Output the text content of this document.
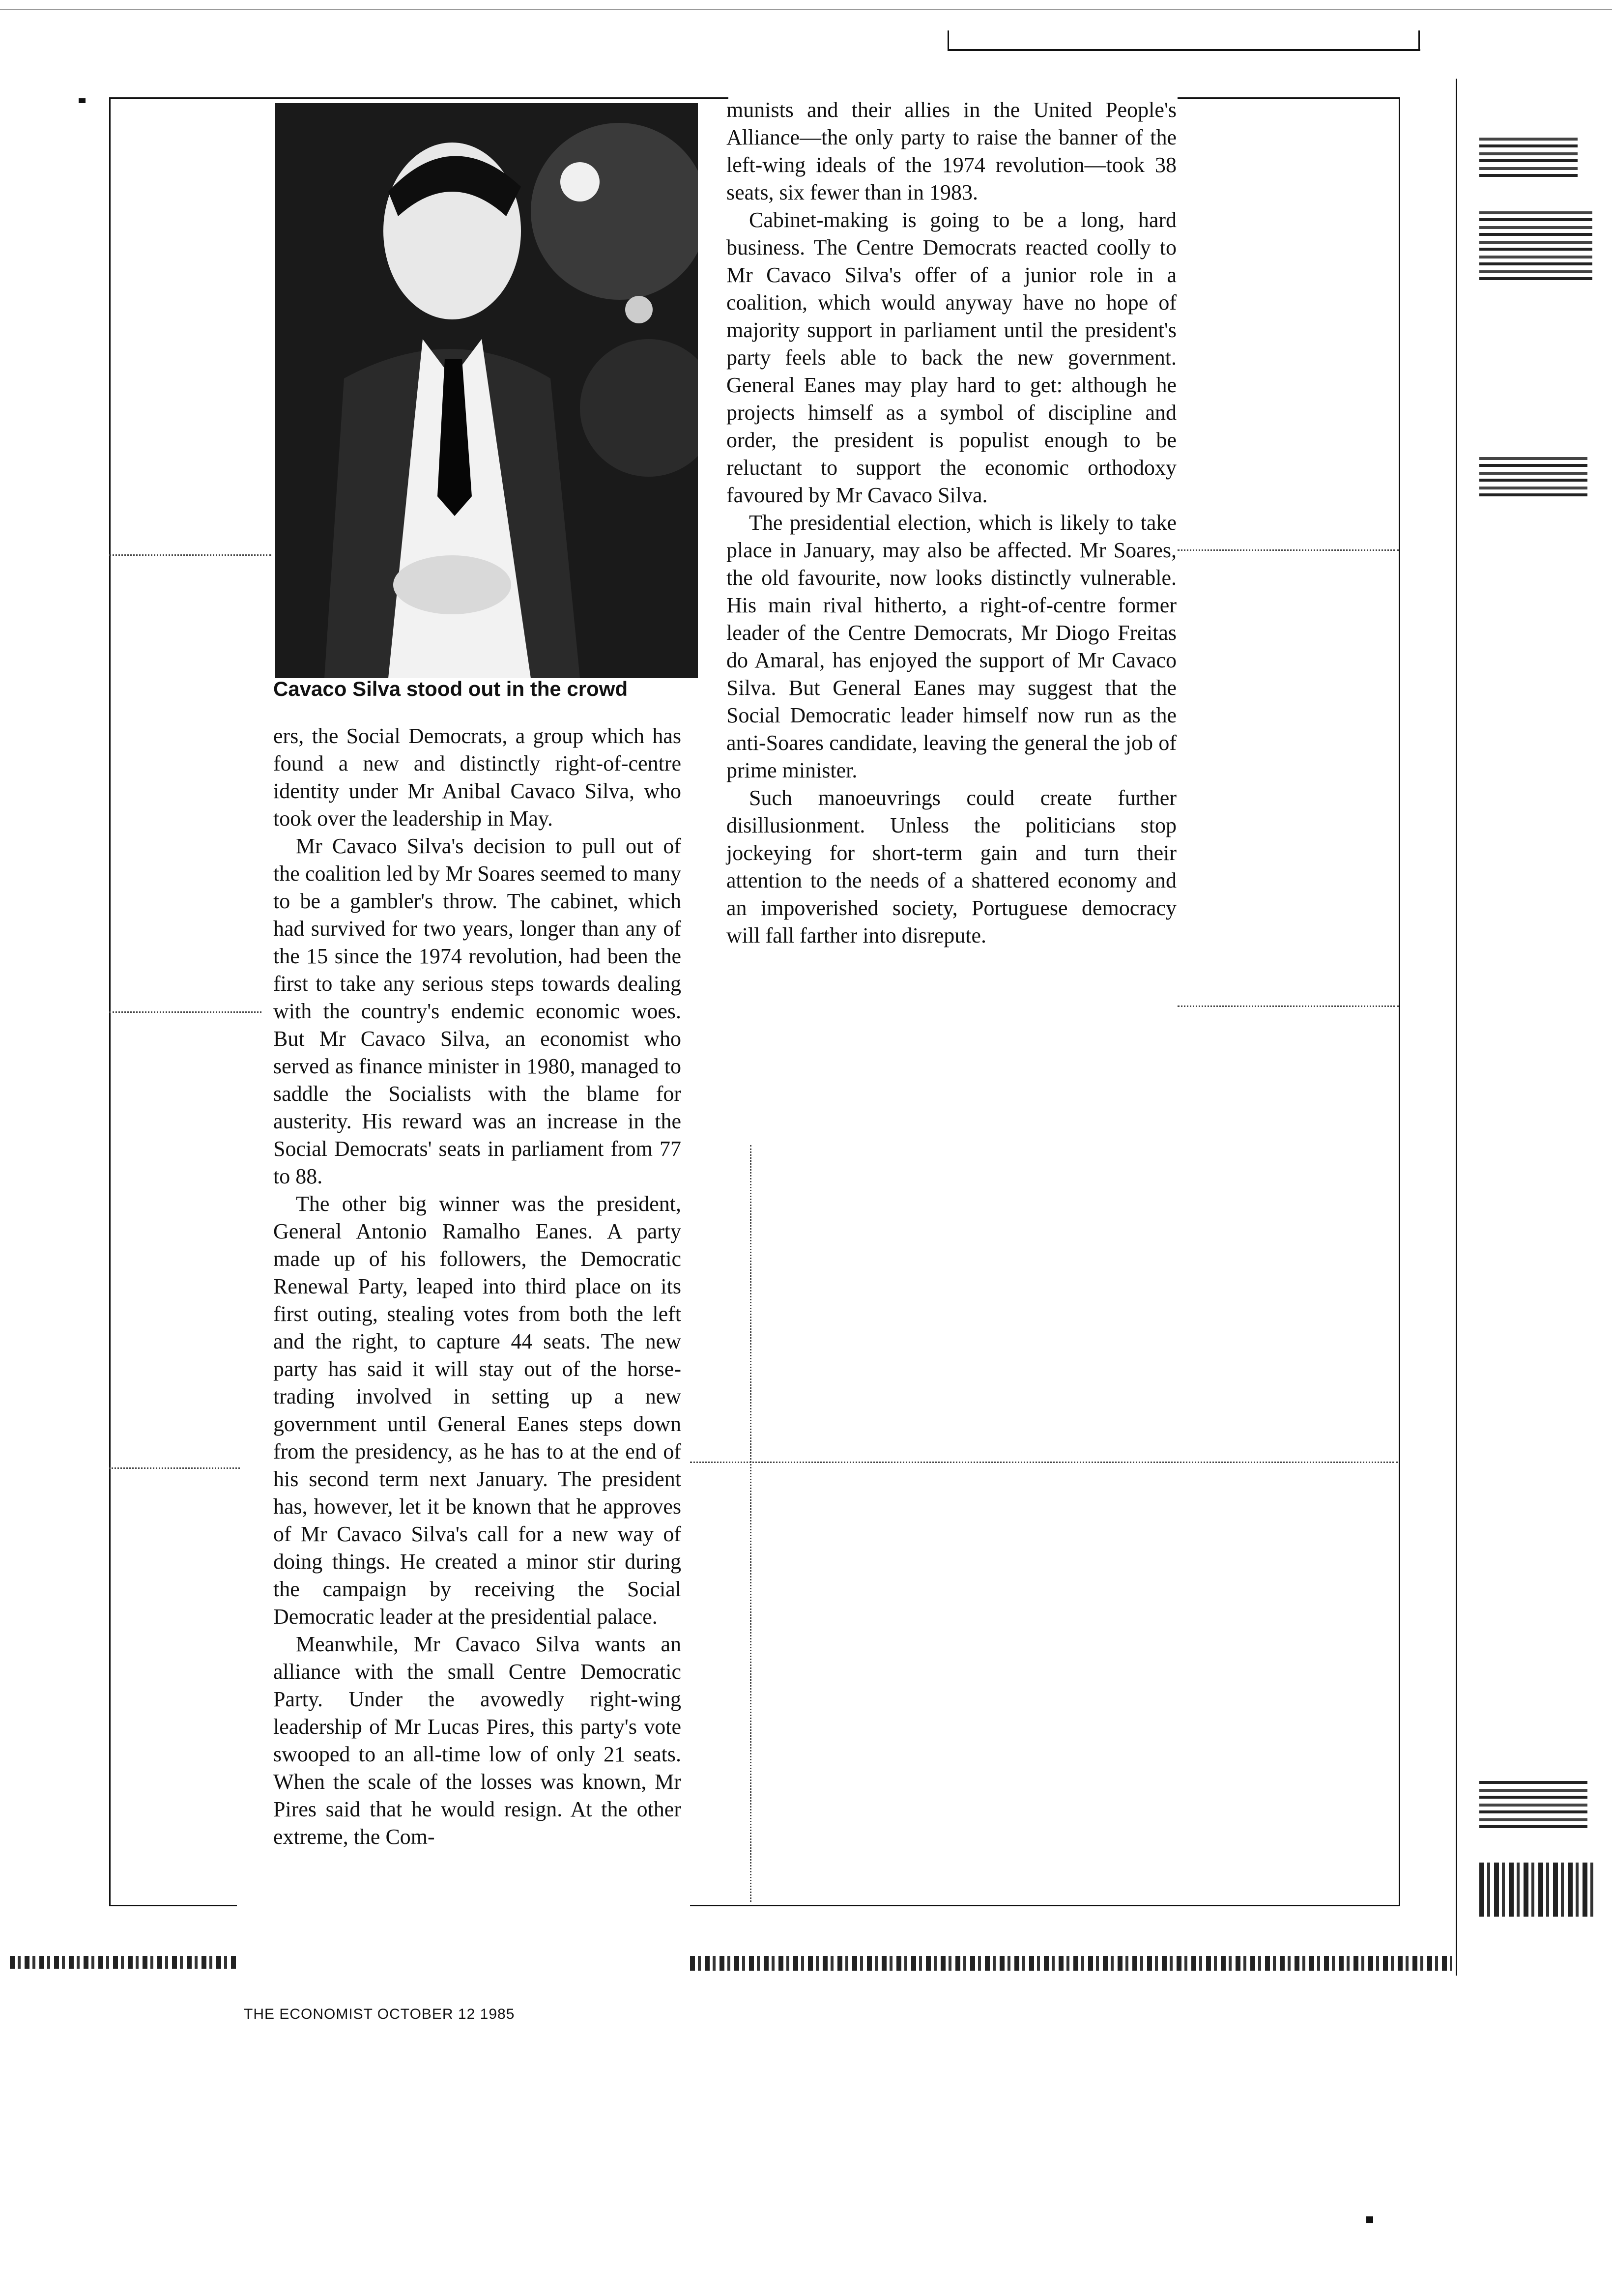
Cavaco Silva stood out in the crowd

ers, the Social Democrats, a group which has found a new and distinctly right-of-centre identity under Mr Anibal Cavaco Silva, who took over the leadership in May.

Mr Cavaco Silva's decision to pull out of the coalition led by Mr Soares seemed to many to be a gambler's throw. The cabinet, which had survived for two years, longer than any of the 15 since the 1974 revolution, had been the first to take any serious steps towards dealing with the country's endemic economic woes. But Mr Cavaco Silva, an economist who served as finance minister in 1980, managed to saddle the Socialists with the blame for austerity. His reward was an increase in the Social Democrats' seats in parliament from 77 to 88.

The other big winner was the president, General Antonio Ramalho Eanes. A party made up of his followers, the Democratic Renewal Party, leaped into third place on its first outing, stealing votes from both the left and the right, to capture 44 seats. The new party has said it will stay out of the horse-trading involved in setting up a new government until General Eanes steps down from the presidency, as he has to at the end of his second term next January. The president has, however, let it be known that he approves of Mr Cavaco Silva's call for a new way of doing things. He created a minor stir during the campaign by receiving the Social Democratic leader at the presidential palace.

Meanwhile, Mr Cavaco Silva wants an alliance with the small Centre Democratic Party. Under the avowedly right-wing leadership of Mr Lucas Pires, this party's vote swooped to an all-time low of only 21 seats. When the scale of the losses was known, Mr Pires said that he would resign. At the other extreme, the Com-

munists and their allies in the United People's Alliance—the only party to raise the banner of the left-wing ideals of the 1974 revolution—took 38 seats, six fewer than in 1983.

Cabinet-making is going to be a long, hard business. The Centre Democrats reacted coolly to Mr Cavaco Silva's offer of a junior role in a coalition, which would anyway have no hope of majority support in parliament until the president's party feels able to back the new government. General Eanes may play hard to get: although he projects himself as a symbol of discipline and order, the president is populist enough to be reluctant to support the economic orthodoxy favoured by Mr Cavaco Silva.

The presidential election, which is likely to take place in January, may also be affected. Mr Soares, the old favourite, now looks distinctly vulnerable. His main rival hitherto, a right-of-centre former leader of the Centre Democrats, Mr Diogo Freitas do Amaral, has enjoyed the support of Mr Cavaco Silva. But General Eanes may suggest that the Social Democratic leader himself now run as the anti-Soares candidate, leaving the general the job of prime minister.

Such manoeuvrings could create further disillusionment. Unless the politicians stop jockeying for short-term gain and turn their attention to the needs of a shattered economy and an impoverished society, Portuguese democracy will fall farther into disrepute.

THE ECONOMIST OCTOBER 12 1985
